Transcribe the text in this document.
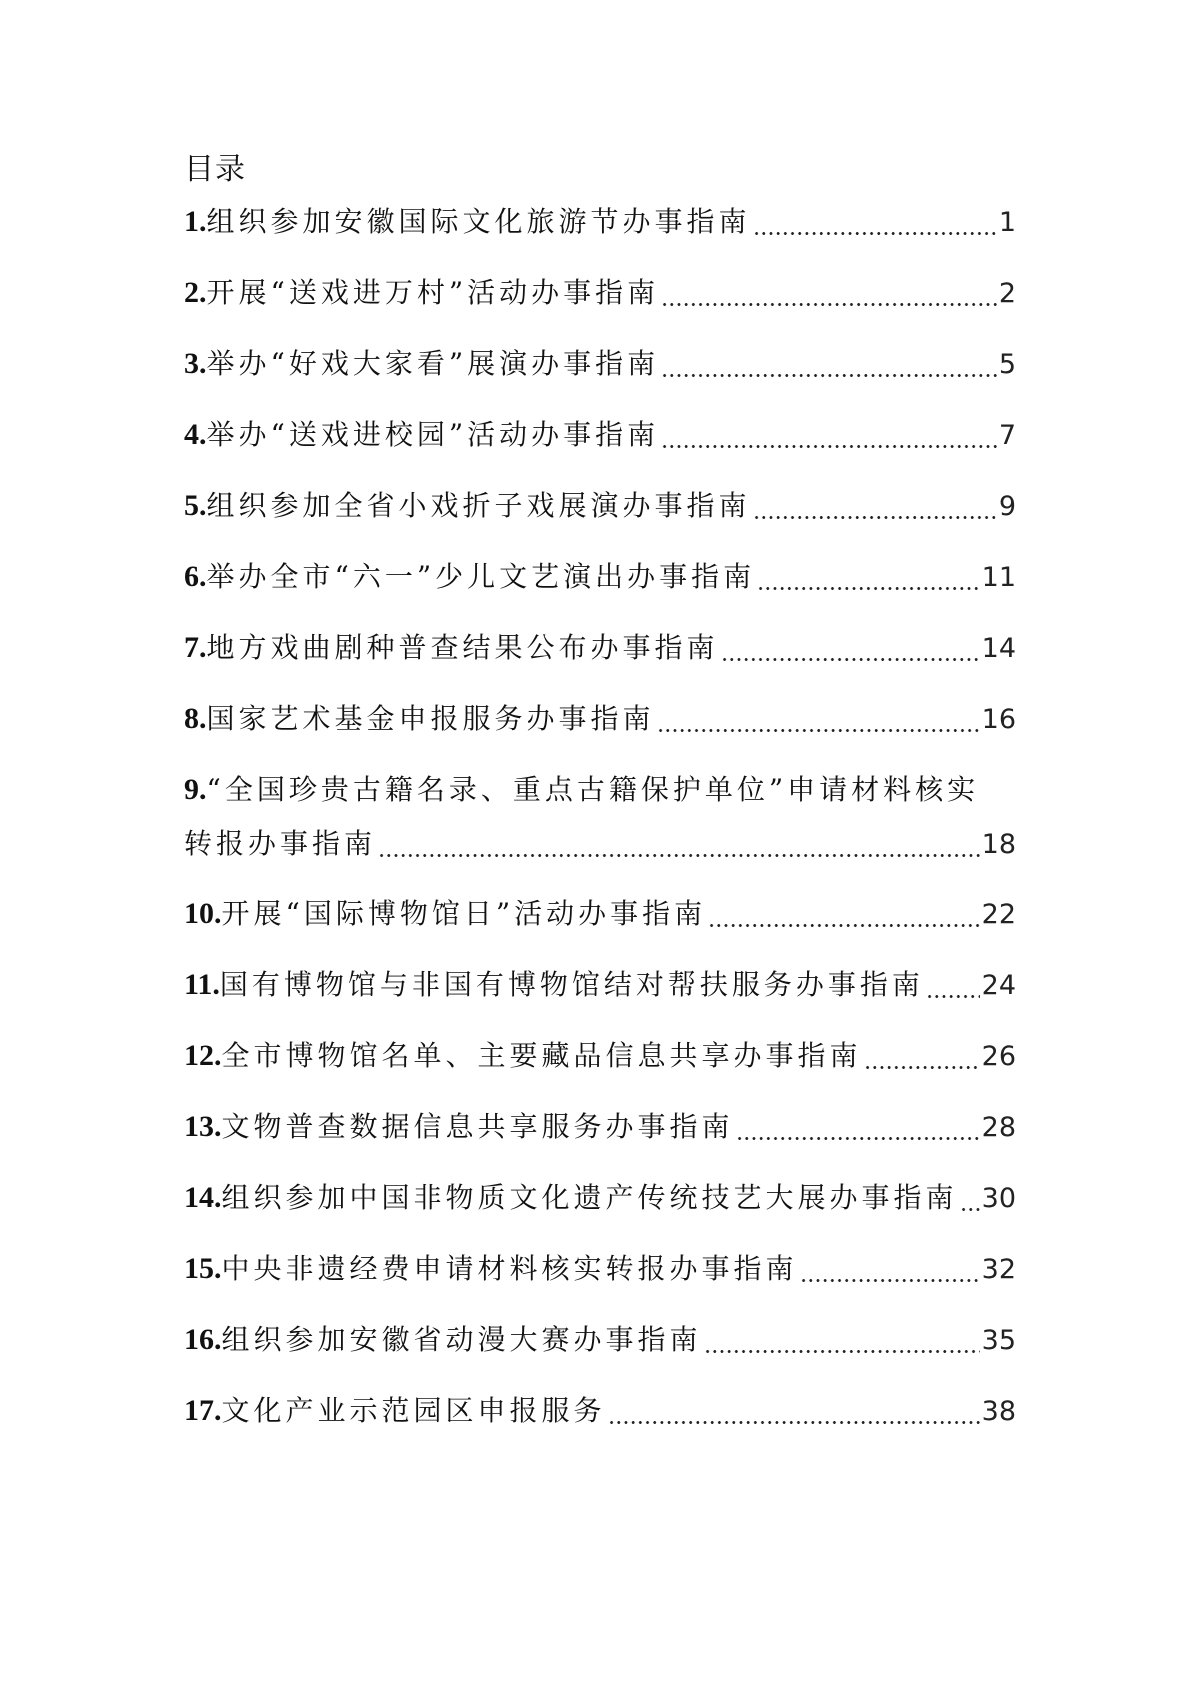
目录
1. 组织参加安徽国际文化旅游节办事指南	1
2. 开展“送戏进万村”活动办事指南	2
3. 举办“好戏大家看”展演办事指南	5
4. 举办“送戏进校园”活动办事指南	7
5. 组织参加全省小戏折子戏展演办事指南	9
6. 举办全市“六一”少儿文艺演出办事指南	11
7. 地方戏曲剧种普查结果公布办事指南	14
8. 国家艺术基金申报服务办事指南	16
9.“全国珍贵古籍名录、重点古籍保护单位”申请材料核实
转报办事指南	18
10. 开展“国际博物馆日”活动办事指南	22
11. 国有博物馆与非国有博物馆结对帮扶服务办事指南 24
12. 全市博物馆名单、主要藏品信息共享办事指南	26
13. 文物普查数据信息共享服务办事指南	28
14. 组织参加中国非物质文化遗产传统技艺大展办事指南 30
15. 中央非遗经费申请材料核实转报办事指南	32
16. 组织参加安徽省动漫大赛办事指南	35
17. 文化产业示范园区申报服务	38
